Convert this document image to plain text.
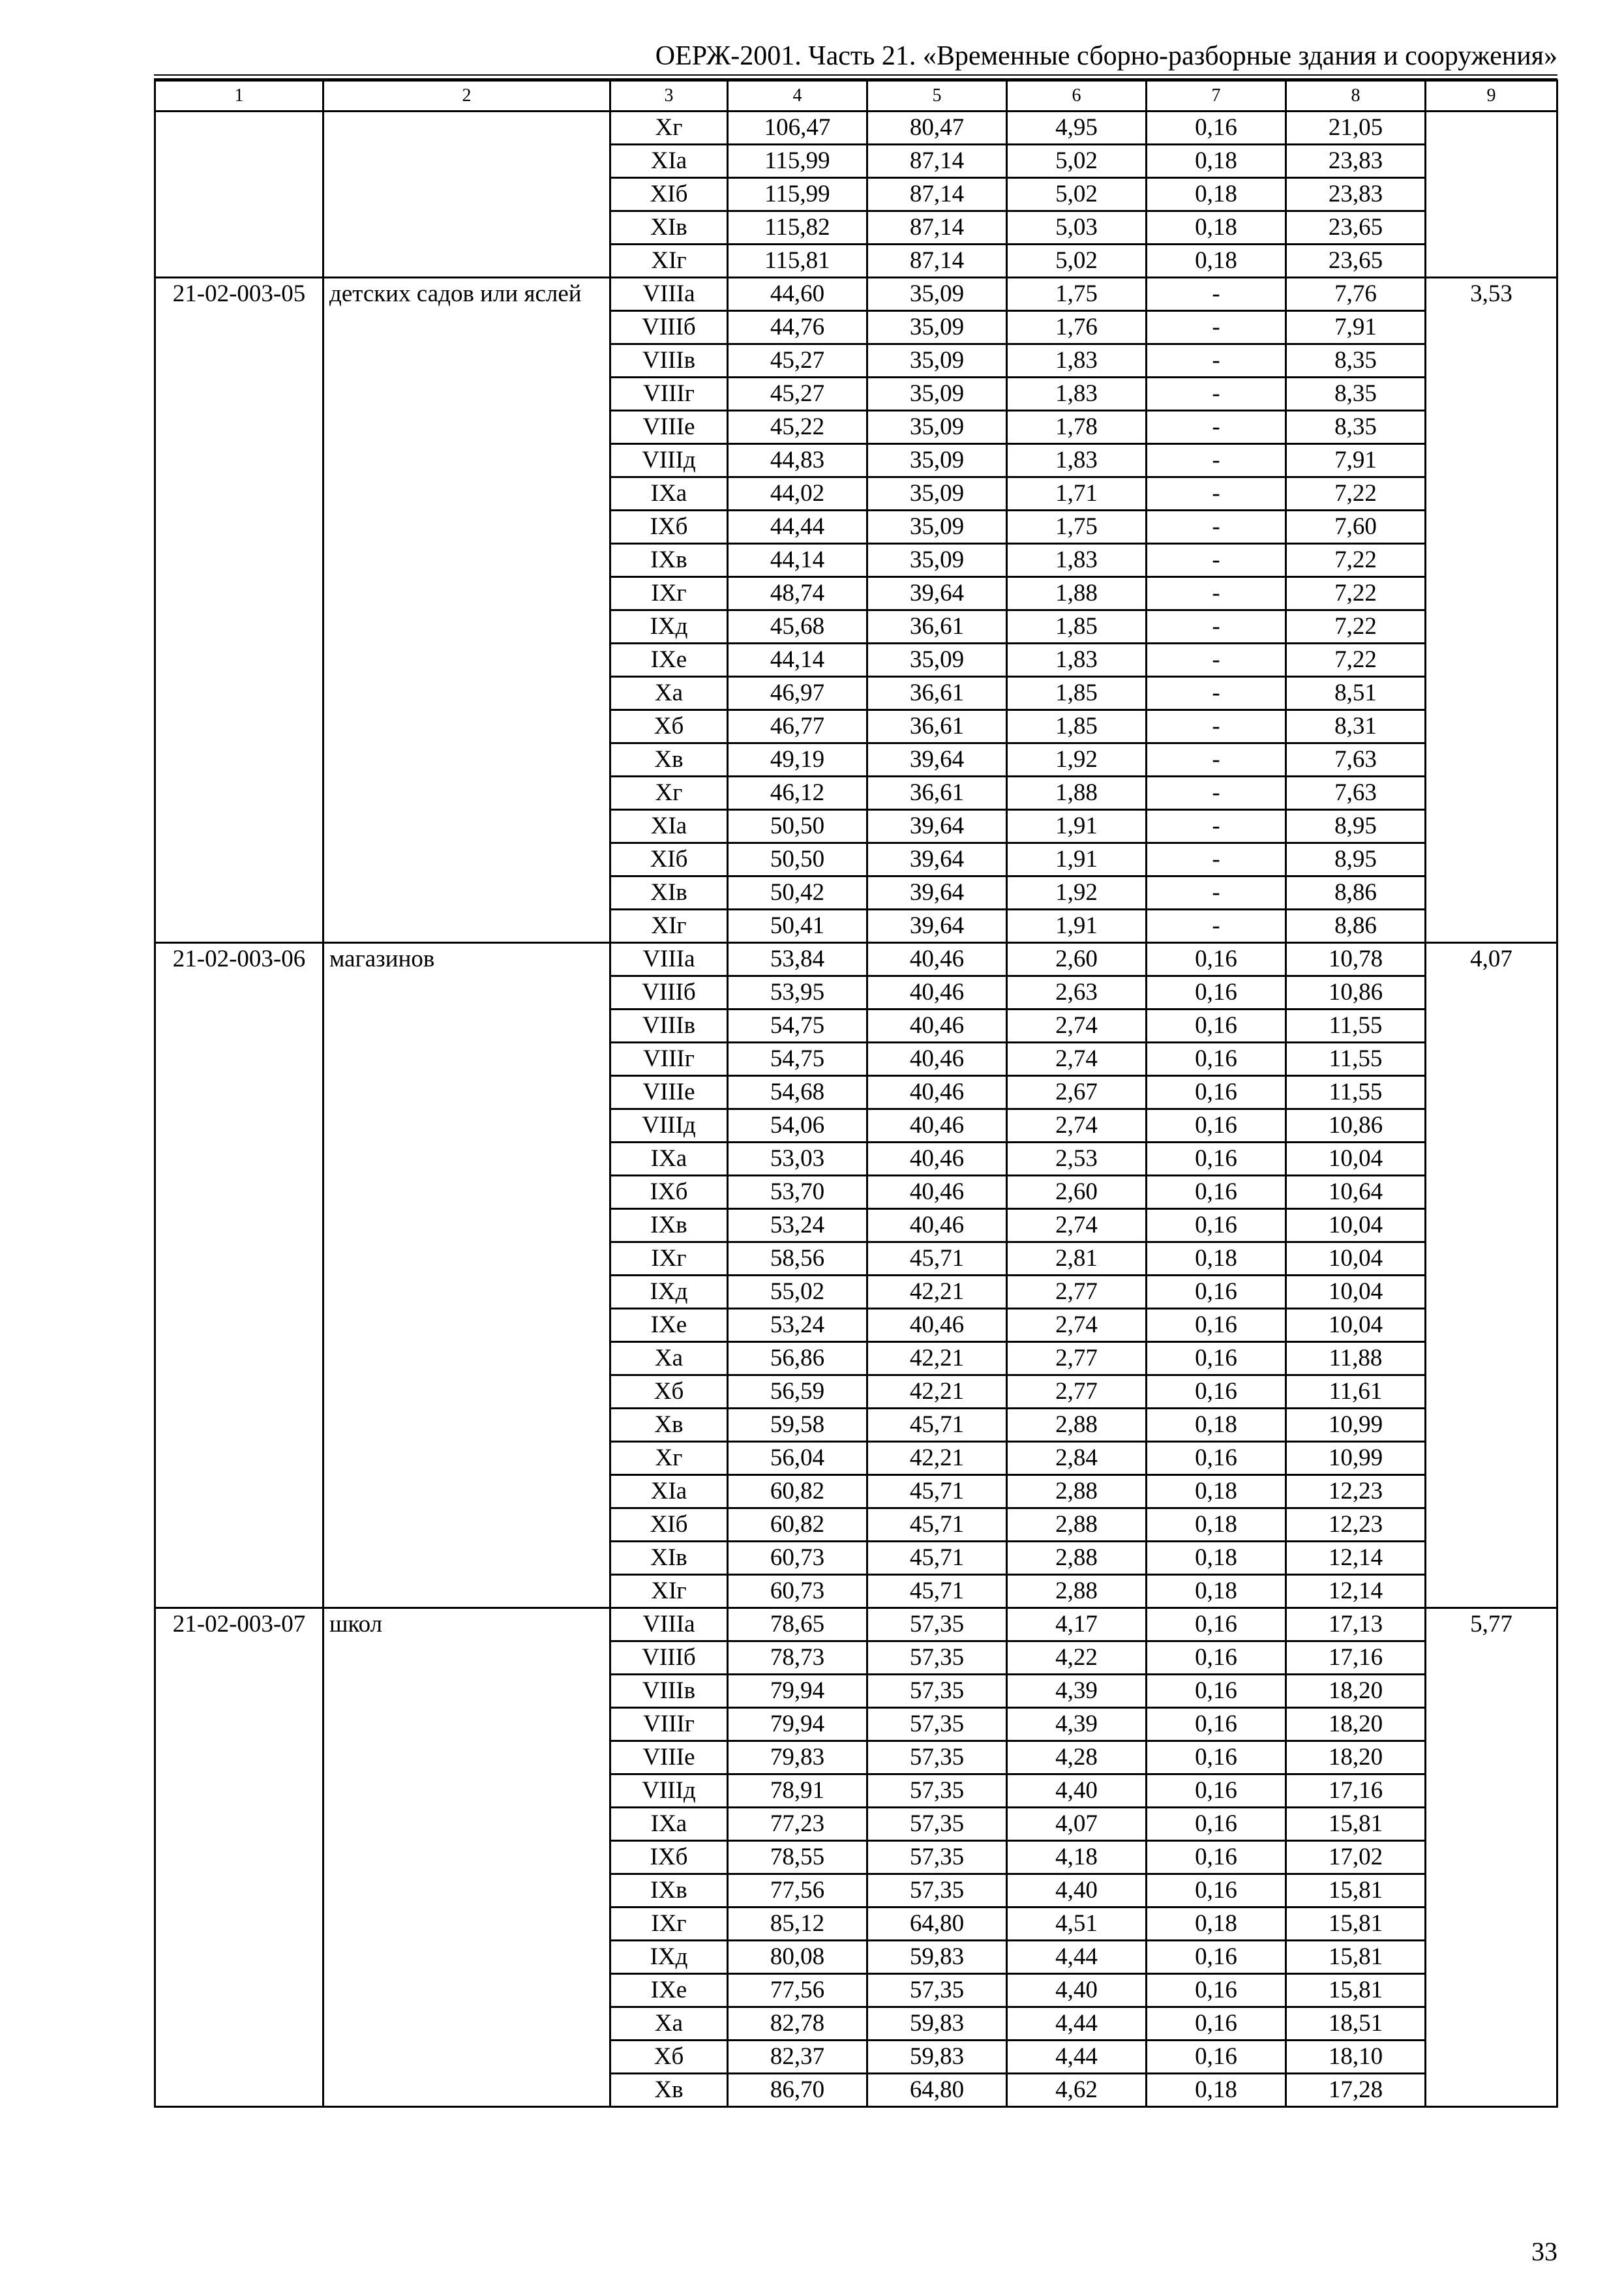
ОЕРЖ-2001. Часть 21. «Временные сборно-разборные здания и сооружения»
1	2	3	4	5	6	7	8	9
		Xг	106,47	80,47	4,95	0,16	21,05	
		XIa	115,99	87,14	5,02	0,18	23,83	
		XIб	115,99	87,14	5,02	0,18	23,83	
		XIв	115,82	87,14	5,03	0,18	23,65	
		XIг	115,81	87,14	5,02	0,18	23,65	
21-02-003-05	детских садов или яслей	VIIIa	44,60	35,09	1,75	-	7,76	3,53
		VIIIб	44,76	35,09	1,76	-	7,91	
		VIIIв	45,27	35,09	1,83	-	8,35	
		VIIIг	45,27	35,09	1,83	-	8,35	
		VIIIe	45,22	35,09	1,78	-	8,35	
		VIIIд	44,83	35,09	1,83	-	7,91	
		IXa	44,02	35,09	1,71	-	7,22	
		IXб	44,44	35,09	1,75	-	7,60	
		IXв	44,14	35,09	1,83	-	7,22	
		IXг	48,74	39,64	1,88	-	7,22	
		IXд	45,68	36,61	1,85	-	7,22	
		IXe	44,14	35,09	1,83	-	7,22	
		Xa	46,97	36,61	1,85	-	8,51	
		Xб	46,77	36,61	1,85	-	8,31	
		Xв	49,19	39,64	1,92	-	7,63	
		Xг	46,12	36,61	1,88	-	7,63	
		XIa	50,50	39,64	1,91	-	8,95	
		XIб	50,50	39,64	1,91	-	8,95	
		XIв	50,42	39,64	1,92	-	8,86	
		XIг	50,41	39,64	1,91	-	8,86	
21-02-003-06	магазинов	VIIIa	53,84	40,46	2,60	0,16	10,78	4,07
		VIIIб	53,95	40,46	2,63	0,16	10,86	
		VIIIв	54,75	40,46	2,74	0,16	11,55	
		VIIIг	54,75	40,46	2,74	0,16	11,55	
		VIIIe	54,68	40,46	2,67	0,16	11,55	
		VIIIд	54,06	40,46	2,74	0,16	10,86	
		IXa	53,03	40,46	2,53	0,16	10,04	
		IXб	53,70	40,46	2,60	0,16	10,64	
		IXв	53,24	40,46	2,74	0,16	10,04	
		IXг	58,56	45,71	2,81	0,18	10,04	
		IXд	55,02	42,21	2,77	0,16	10,04	
		IXe	53,24	40,46	2,74	0,16	10,04	
		Xa	56,86	42,21	2,77	0,16	11,88	
		Xб	56,59	42,21	2,77	0,16	11,61	
		Xв	59,58	45,71	2,88	0,18	10,99	
		Xг	56,04	42,21	2,84	0,16	10,99	
		XIa	60,82	45,71	2,88	0,18	12,23	
		XIб	60,82	45,71	2,88	0,18	12,23	
		XIв	60,73	45,71	2,88	0,18	12,14	
		XIг	60,73	45,71	2,88	0,18	12,14	
21-02-003-07	школ	VIIIa	78,65	57,35	4,17	0,16	17,13	5,77
		VIIIб	78,73	57,35	4,22	0,16	17,16	
		VIIIв	79,94	57,35	4,39	0,16	18,20	
		VIIIг	79,94	57,35	4,39	0,16	18,20	
		VIIIe	79,83	57,35	4,28	0,16	18,20	
		VIIIд	78,91	57,35	4,40	0,16	17,16	
		IXa	77,23	57,35	4,07	0,16	15,81	
		IXб	78,55	57,35	4,18	0,16	17,02	
		IXв	77,56	57,35	4,40	0,16	15,81	
		IXг	85,12	64,80	4,51	0,18	15,81	
		IXд	80,08	59,83	4,44	0,16	15,81	
		IXe	77,56	57,35	4,40	0,16	15,81	
		Xa	82,78	59,83	4,44	0,16	18,51	
		Xб	82,37	59,83	4,44	0,16	18,10	
		Xв	86,70	64,80	4,62	0,18	17,28	
33
